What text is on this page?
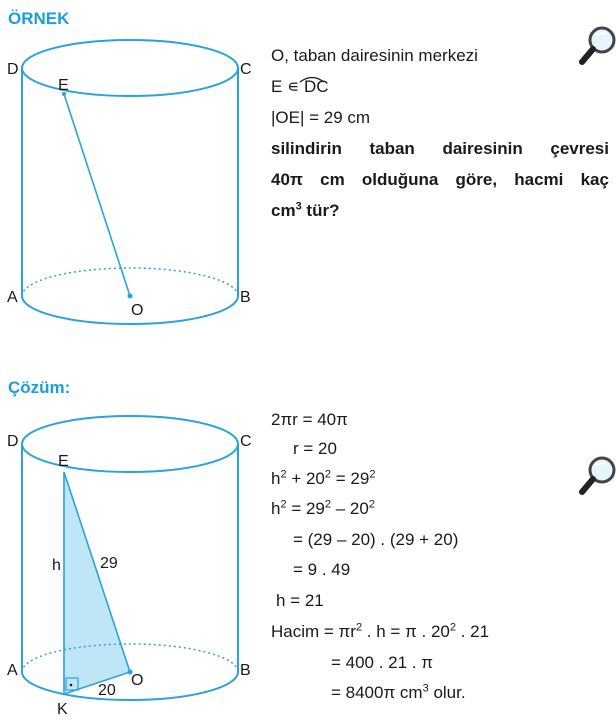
ÖRNEK
D	C
E
A	B
O
D	C
E
A	B
O
K
h 29
20
O, taban dairesinin merkezi
E ∊ DC
|OE| = 29 cm
silindirin taban dairesinin çevresi
40π cm olduğuna göre, hacmi kaç
$cm^3$ tür?
Çözüm:
2πr = 40π
r = 20
$h^2 + 20^2 = 29^2$
$h^2 = 29^2 - 20^2$
= (29 – 20) . (29 + 20)
= 9 . 49
h = 21
Hacim = $\pi r^2$ . h = π . $20^2$ . 21
= 400 . 21 . π
= 8400π $cm^3$ olur.
